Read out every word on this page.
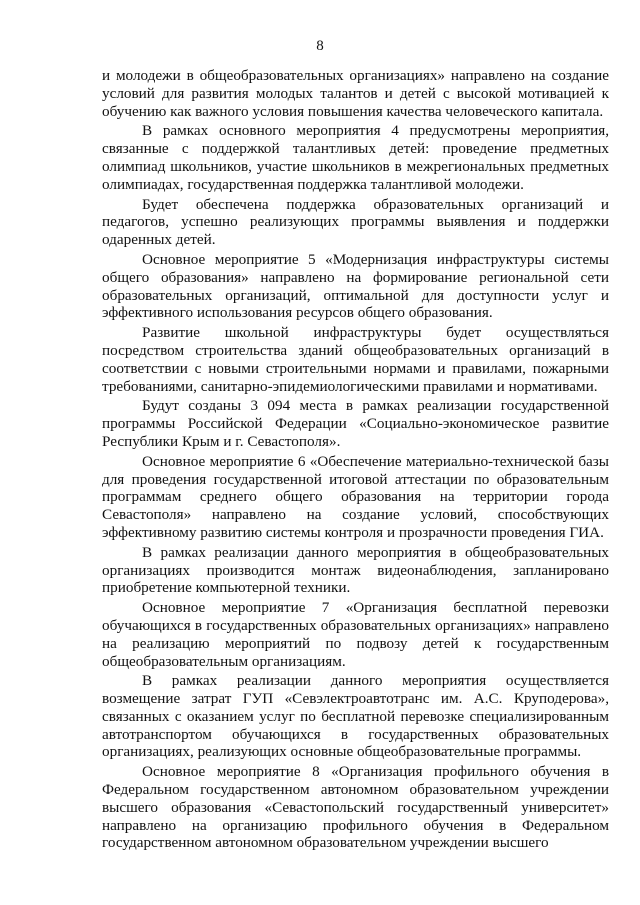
8

и молодежи в общеобразовательных организациях» направлено на создание условий для развития молодых талантов и детей с высокой мотивацией к обучению как важного условия повышения качества человеческого капитала.

В рамках основного мероприятия 4 предусмотрены мероприятия, связанные с поддержкой талантливых детей: проведение предметных олимпиад школьников, участие школьников в межрегиональных предметных олимпиадах, государственная поддержка талантливой молодежи.

Будет обеспечена поддержка образовательных организаций и педагогов, успешно реализующих программы выявления и поддержки одаренных детей.

Основное мероприятие 5 «Модернизация инфраструктуры системы общего образования» направлено на формирование региональной сети образовательных организаций, оптимальной для доступности услуг и эффективного использования ресурсов общего образования.

Развитие школьной инфраструктуры будет осуществляться посредством строительства зданий общеобразовательных организаций в соответствии с новыми строительными нормами и правилами, пожарными требованиями, санитарно-эпидемиологическими правилами и нормативами.

Будут созданы 3 094 места в рамках реализации государственной программы Российской Федерации «Социально-экономическое развитие Республики Крым и г. Севастополя».

Основное мероприятие 6 «Обеспечение материально-технической базы для проведения государственной итоговой аттестации по образовательным программам среднего общего образования на территории города Севастополя» направлено на создание условий, способствующих эффективному развитию системы контроля и прозрачности проведения ГИА.

В рамках реализации данного мероприятия в общеобразовательных организациях производится монтаж видеонаблюдения, запланировано приобретение компьютерной техники.

Основное мероприятие 7 «Организация бесплатной перевозки обучающихся в государственных образовательных организациях» направлено на реализацию мероприятий по подвозу детей к государственным общеобразовательным организациям.

В рамках реализации данного мероприятия осуществляется возмещение затрат ГУП «Севэлектроавтотранс им. А.С. Круподерова», связанных с оказанием услуг по бесплатной перевозке специализированным автотранспортом обучающихся в государственных образовательных организациях, реализующих основные общеобразовательные программы.

Основное мероприятие 8 «Организация профильного обучения в Федеральном государственном автономном образовательном учреждении высшего образования «Севастопольский государственный университет» направлено на организацию профильного обучения в Федеральном государственном автономном образовательном учреждении высшего
